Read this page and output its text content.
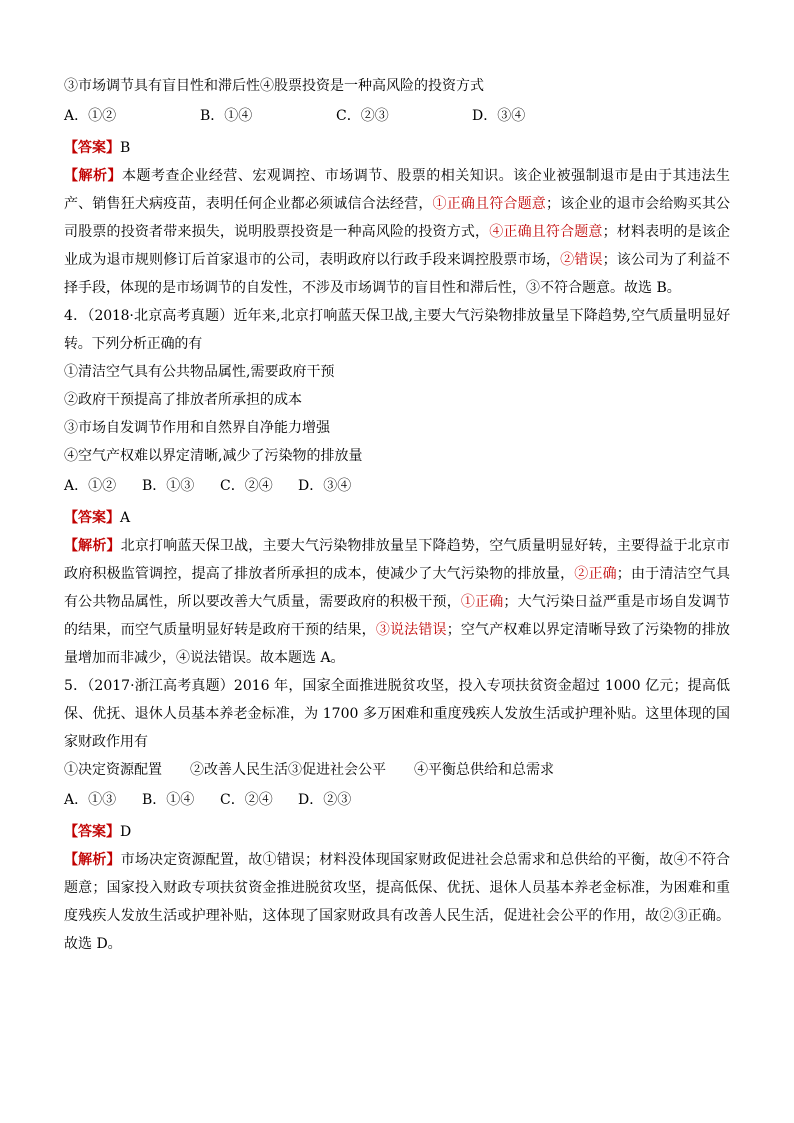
③市场调节具有盲目性和滞后性④股票投资是一种高风险的投资方式
A．①②	B．①④	C．②③	D．③④
【答案】B
【解析】本题考查企业经营、宏观调控、市场调节、股票的相关知识。该企业被强制退市是由于其违法生产、销售狂犬病疫苗，表明任何企业都必须诚信合法经营，①正确且符合题意；该企业的退市会给购买其公司股票的投资者带来损失，说明股票投资是一种高风险的投资方式，④正确且符合题意；材料表明的是该企业成为退市规则修订后首家退市的公司，表明政府以行政手段来调控股票市场，②错误；该公司为了利益不择手段，体现的是市场调节的自发性，不涉及市场调节的盲目性和滞后性，③不符合题意。故选 B。
4．（2018·北京高考真题）近年来,北京打响蓝天保卫战,主要大气污染物排放量呈下降趋势,空气质量明显好转。下列分析正确的有
①清洁空气具有公共物品属性,需要政府干预
②政府干预提高了排放者所承担的成本
③市场自发调节作用和自然界自净能力增强
④空气产权难以界定清晰,减少了污染物的排放量
A．①② B．①③ C．②④ D．③④
【答案】A
【解析】北京打响蓝天保卫战，主要大气污染物排放量呈下降趋势，空气质量明显好转，主要得益于北京市政府积极监管调控，提高了排放者所承担的成本，使减少了大气污染物的排放量，②正确；由于清洁空气具有公共物品属性，所以要改善大气质量，需要政府的积极干预，①正确；大气污染日益严重是市场自发调节的结果，而空气质量明显好转是政府干预的结果，③说法错误；空气产权难以界定清晰导致了污染物的排放量增加而非减少，④说法错误。故本题选 A。
5．（2017·浙江高考真题）2016 年，国家全面推进脱贫攻坚，投入专项扶贫资金超过 1000 亿元；提高低保、优抚、退休人员基本养老金标准，为 1700 多万困难和重度残疾人发放生活或护理补贴。这里体现的国家财政作用有
①决定资源配置　　②改善人民生活③促进社会公平　　④平衡总供给和总需求
A．①③ B．①④ C．②④ D．②③
【答案】D
【解析】市场决定资源配置，故①错误；材料没体现国家财政促进社会总需求和总供给的平衡，故④不符合题意；国家投入财政专项扶贫资金推进脱贫攻坚，提高低保、优抚、退休人员基本养老金标准，为困难和重度残疾人发放生活或护理补贴，这体现了国家财政具有改善人民生活，促进社会公平的作用，故②③正确。故选 D。
